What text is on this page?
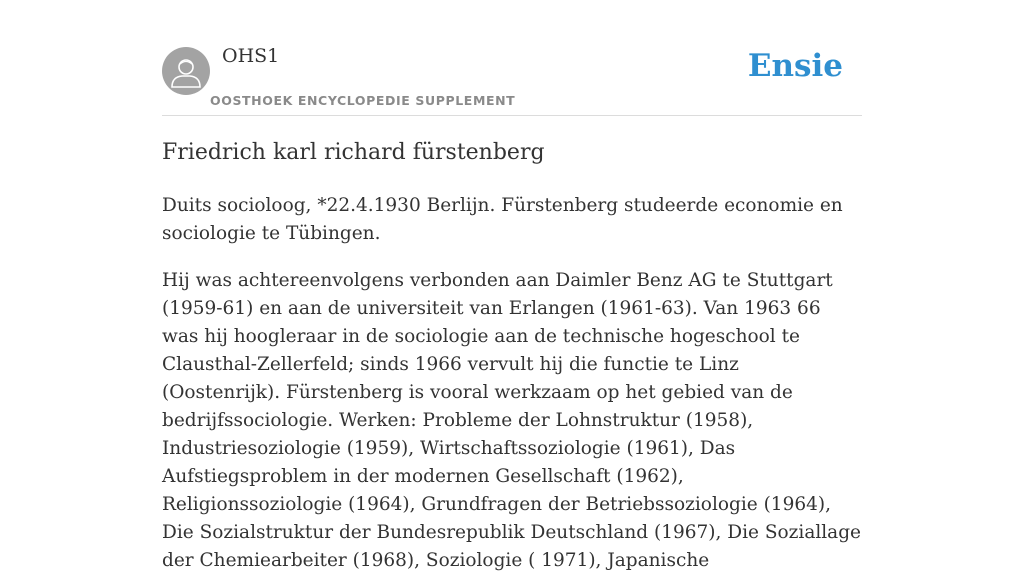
OHS1
OOSTHOEK ENCYCLOPEDIE SUPPLEMENT
Ensie
Friedrich karl richard fürstenberg

Duits socioloog, *22.4.1930 Berlijn. Fürstenberg studeerde economie en sociologie te Tübingen.

Hij was achtereenvolgens verbonden aan Daimler Benz AG te Stuttgart (1959-61) en aan de universiteit van Erlangen (1961-63). Van 1963 66 was hij hoogleraar in de sociologie aan de technische hogeschool te Clausthal-Zellerfeld; sinds 1966 vervult hij die functie te Linz (Oostenrijk). Fürstenberg is vooral werkzaam op het gebied van de bedrijfssociologie. Werken: Probleme der Lohnstruktur (1958), Industriesoziologie (1959), Wirtschaftssoziologie (1961), Das Aufstiegsproblem in der modernen Gesellschaft (1962), Religionssoziologie (1964), Grundfragen der Betriebssoziologie (1964), Die Sozialstruktur der Bundesrepublik Deutschland (1967), Die Soziallage der Chemiearbeiter (1968), Soziologie ( 1971), Japanische
